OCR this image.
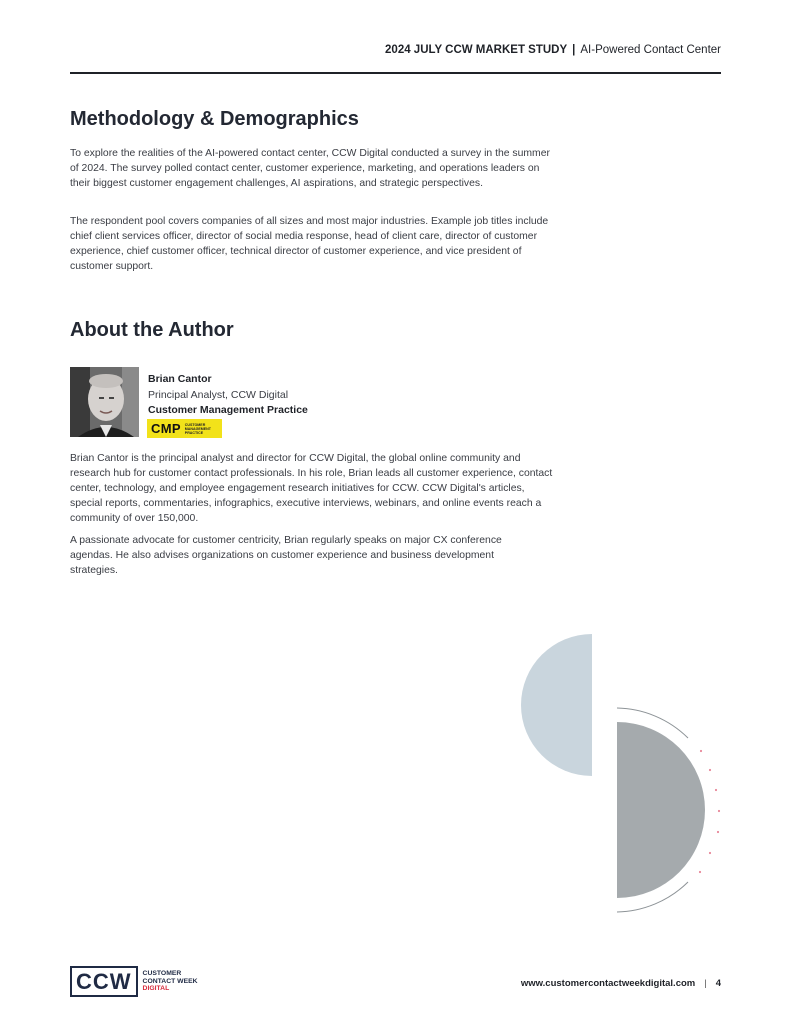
2024 JULY CCW MARKET STUDY | AI-Powered Contact Center
Methodology & Demographics

To explore the realities of the AI-powered contact center, CCW Digital conducted a survey in the summer of 2024. The survey polled contact center, customer experience, marketing, and operations leaders on their biggest customer engagement challenges, AI aspirations, and strategic perspectives.

The respondent pool covers companies of all sizes and most major industries. Example job titles include chief client services officer, director of social media response, head of client care, director of customer experience, chief customer officer, technical director of customer experience, and vice president of customer support.

About the Author
Brian Cantor
Principal Analyst, CCW Digital
Customer Management Practice
CMP CUSTOMER MANAGEMENT PRACTICE

Brian Cantor is the principal analyst and director for CCW Digital, the global online community and research hub for customer contact professionals. In his role, Brian leads all customer experience, contact center, technology, and employee engagement research initiatives for CCW. CCW Digital's articles, special reports, commentaries, infographics, executive interviews, webinars, and online events reach a community of over 150,000.

A passionate advocate for customer centricity, Brian regularly speaks on major CX conference agendas. He also advises organizations on customer experience and business development strategies.

CCW	CUSTOMER
CONTACT WEEK
DIGITAL	www.customercontactweekdigital.com | 4
